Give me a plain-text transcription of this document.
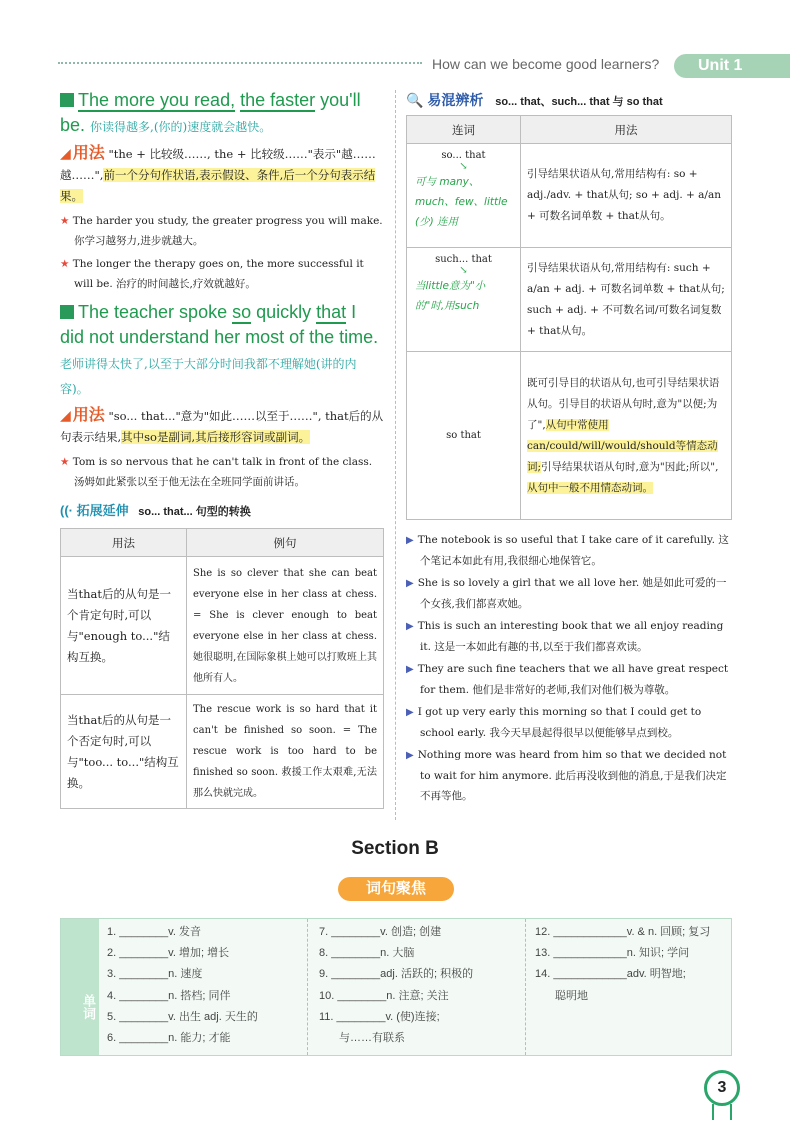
How can we become good learners?	Unit 1
The more you read, the faster you'll be. 你读得越多,(你的)速度就会越快。
◢ 用法 "the + 比较级……, the + 比较级……"表示"越……越……",前一个分句作状语,表示假设、条件,后一个分句表示结果。
★ The harder you study, the greater progress you will make. 你学习越努力,进步就越大。
★ The longer the therapy goes on, the more successful it will be. 治疗的时间越长,疗效就越好。
The teacher spoke so quickly that I did not understand her most of the time. 老师讲得太快了,以至于大部分时间我都不理解她(讲的内容)。
◢ 用法 "so... that..."意为"如此……以至于……", that后的从句表示结果,其中so是副词,其后接形容词或副词。
★ Tom is so nervous that he can't talk in front of the class. 汤姆如此紧张以至于他无法在全班同学面前讲话。
((· 拓展延伸 so... that... 句型的转换
用法	例句
当that后的从句是一个肯定句时,可以与"enough to..."结构互换。	She is so clever that she can beat everyone else in her class at chess. = She is clever enough to beat everyone else in her class at chess. 她很聪明,在国际象棋上她可以打败班上其他所有人。
当that后的从句是一个否定句时,可以与"too... to..."结构互换。	The rescue work is so hard that it can't be finished so soon. = The rescue work is too hard to be finished so soon. 救援工作太艰难,无法那么快就完成。
🔍 易混辨析 so... that、such... that 与 so that
连词	用法

so... that
↘
可与 many、much、few、little (少) 连用	引导结果状语从句,常用结构有: so + adj./adv. + that从句; so + adj. + a/an + 可数名词单数 + that从句。

such... that
↘
当little意为"小的"时,用such	引导结果状语从句,常用结构有: such + a/an + adj. + 可数名词单数 + that从句; such + adj. + 不可数名词/可数名词复数 + that从句。
so that	既可引导目的状语从句,也可引导结果状语从句。引导目的状语从句时,意为"以便;为了",从句中常使用can/could/will/would/should等情态动词;引导结果状语从句时,意为"因此;所以",从句中一般不用情态动词。
▶ The notebook is so useful that I take care of it carefully. 这个笔记本如此有用,我很细心地保管它。
▶ She is so lovely a girl that we all love her. 她是如此可爱的一个女孩,我们都喜欢她。
▶ This is such an interesting book that we all enjoy reading it. 这是一本如此有趣的书,以至于我们都喜欢读。
▶ They are such fine teachers that we all have great respect for them. 他们是非常好的老师,我们对他们极为尊敬。
▶ I got up very early this morning so that I could get to school early. 我今天早晨起得很早以便能够早点到校。
▶ Nothing more was heard from him so that we decided not to wait for him anymore. 此后再没收到他的消息,于是我们决定不再等他。
Section B
词句聚焦
单词
1. ________v. 发音
2. ________v. 增加; 增长
3. ________n. 速度
4. ________n. 搭档; 同伴
5. ________v. 出生 adj. 天生的
6. ________n. 能力; 才能
7. ________v. 创造; 创建
8. ________n. 大脑
9. ________adj. 活跃的; 积极的
10. ________n. 注意; 关注
11. ________v. (使)连接;
与……有联系
12. ____________v. & n. 回顾; 复习
13. ____________n. 知识; 学问
14. ____________adv. 明智地;
聪明地
3
